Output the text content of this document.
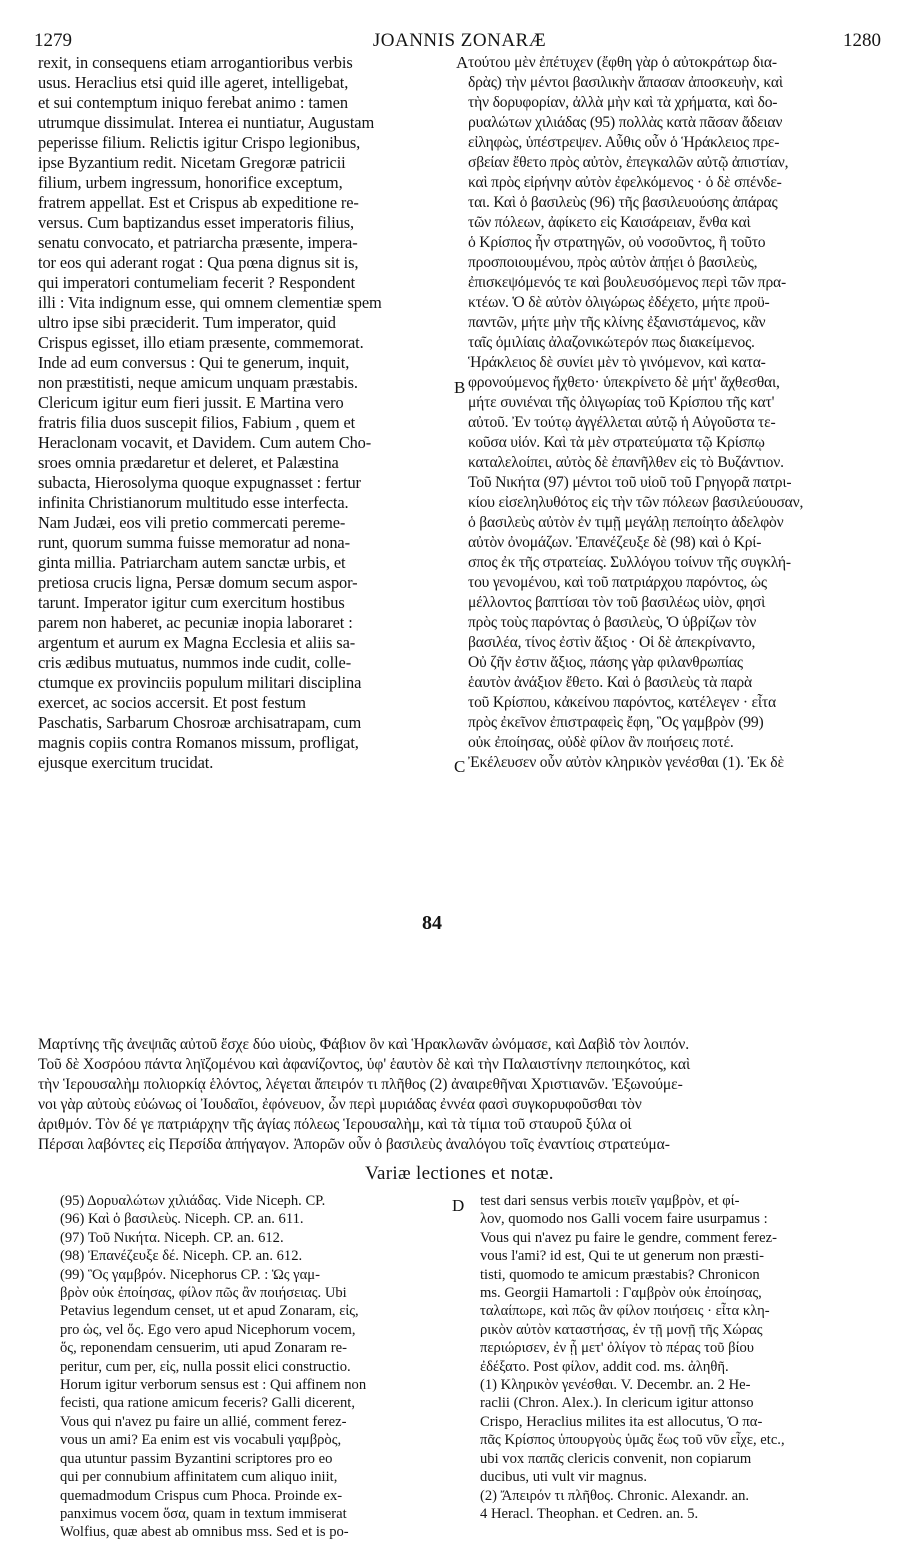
1279	JOANNIS ZONARÆ	1280
rexit, in consequens etiam arrogantioribus verbis
usus. Heraclius etsi quid ille ageret, intelligebat,
et sui contemptum iniquo ferebat animo : tamen
utrumque dissimulat. Interea ei nuntiatur, Augustam
peperisse filium. Relictis igitur Crispo legionibus,
ipse Byzantium redit. Nicetam Gregoræ patricii
filium, urbem ingressum, honorifice exceptum,
fratrem appellat. Est et Crispus ab expeditione re-
versus. Cum baptizandus esset imperatoris filius,
senatu convocato, et patriarcha præsente, impera-
tor eos qui aderant rogat : Qua pœna dignus sit is,
qui imperatori contumeliam fecerit ? Respondent
illi : Vita indignum esse, qui omnem clementiæ spem
ultro ipse sibi præciderit. Tum imperator, quid
Crispus egisset, illo etiam præsente, commemorat.
Inde ad eum conversus : Qui te generum, inquit,
non præstitisti, neque amicum unquam præstabis.
Clericum igitur eum fieri jussit. E Martina vero
fratris filia duos suscepit filios, Fabium , quem et
Heraclonam vocavit, et Davidem. Cum autem Cho-
sroes omnia prædaretur et deleret, et Palæstina
subacta, Hierosolyma quoque expugnasset : fertur
infinita Christianorum multitudo esse interfecta.
Nam Judæi, eos vili pretio commercati peremе-
runt, quorum summa fuisse memoratur ad nona-
ginta millia. Patriarcham autem sanctæ urbis, et
pretiosa crucis ligna, Persæ domum secum aspor-
tarunt. Imperator igitur cum exercitum hostibus
parem non haberet, ac pecuniæ inopia laboraret :
argentum et aurum ex Magna Ecclesia et aliis sa-
cris ædibus mutuatus, nummos inde cudit, colle-
ctumque ex provinciis populum militari disciplina
exercet, ac socios accersit. Et post festum
Paschatis, Sarbarum Chosroæ archisatrapam, cum
magnis copiis contra Romanos missum, profligat,
ejusque exercitum trucidat.
τούτου μὲν ἐπέτυχεν (ἔφθη γὰρ ὁ αὐτοκράτωρ δια-
δρὰς) τὴν μέντοι βασιλικὴν ἅπασαν ἀποσκευὴν, καὶ
τὴν δορυφορίαν, ἀλλὰ μὴν καὶ τὰ χρήματα, καὶ δο-
ρυαλώτων χιλιάδας (95) πολλὰς κατὰ πᾶσαν ἄδειαν
εἰληφὼς, ὑπέστρεψεν. Αὖθις οὖν ὁ Ἡράκλειος πρε-
σβείαν ἔθετο πρὸς αὐτὸν, ἐπεγκαλῶν αὐτῷ ἀπιστίαν,
καὶ πρὸς εἰρήνην αὐτὸν ἐφελκόμενος · ὁ δὲ σπένδε-
ται. Καὶ ὁ βασιλεὺς (96) τῆς βασιλευούσης ἀπάρας
τῶν πόλεων, ἀφίκετο εἰς Καισάρειαν, ἔνθα καὶ
ὁ Κρίσπος ἦν στρατηγῶν, οὐ νοσοῦντος, ἢ τοῦτο
προσποιουμένου, πρὸς αὐτὸν ἀπῄει ὁ βασιλεὺς,
ἐπισκεψόμενός τε καὶ βουλευσόμενος περὶ τῶν πρα-
κτέων. Ὁ δὲ αὐτὸν ὀλιγώρως ἐδέχετο, μήτε προϋ-
παντῶν, μήτε μὴν τῆς κλίνης ἐξανιστάμενος, κἂν
ταῖς ὁμιλίαις ἀλαζονικώτερόν πως διακείμενος.
Ἡράκλειος δὲ συνίει μὲν τὸ γινόμενον, καὶ κατα-
φρονούμενος ἤχθετο· ὑπεκρίνετο δὲ μήτ' ἄχθεσθαι,
μήτε συνιέναι τῆς ὀλιγωρίας τοῦ Κρίσπου τῆς κατ'
αὐτοῦ. Ἐν τούτῳ ἀγγέλλεται αὐτῷ ἡ Αὐγοῦστα τε-
κοῦσα υἱόν. Καὶ τὰ μὲν στρατεύματα τῷ Κρίσπῳ
καταλελοίπει, αὐτὸς δὲ ἐπανῆλθεν εἰς τὸ Βυζάντιον.
Τοῦ Νικήτα (97) μέντοι τοῦ υἱοῦ τοῦ Γρηγορᾶ πατρι-
κίου εἰσεληλυθότος εἰς τὴν τῶν πόλεων βασιλεύουσαν,
ὁ βασιλεὺς αὐτὸν ἐν τιμῇ μεγάλῃ πεποίητο ἀδελφὸν
αὐτὸν ὀνομάζων. Ἐπανέζευξε δὲ (98) καὶ ὁ Κρί-
σπος ἐκ τῆς στρατείας. Συλλόγου τοίνυν τῆς συγκλή-
του γενομένου, καὶ τοῦ πατριάρχου παρόντος, ὡς
μέλλοντος βαπτίσαι τὸν τοῦ βασιλέως υἱὸν, φησὶ
πρὸς τοὺς παρόντας ὁ βασιλεὺς, Ὁ ὑβρίζων τὸν
βασιλέα, τίνος ἐστὶν ἄξιος · Οἱ δὲ ἀπεκρίναντο,
Οὐ ζῆν ἐστιν ἄξιος, πάσης γὰρ φιλανθρωπίας
ἑαυτὸν ἀνάξιον ἔθετο. Καὶ ὁ βασιλεὺς τὰ παρὰ
τοῦ Κρίσπου, κἀκείνου παρόντος, κατέλεγεν · εἶτα
πρὸς ἐκεῖνον ἐπιστραφεὶς ἔφη, Ὃς γαμβρὸν (99)
οὐκ ἐποίησας, οὐδὲ φίλον ἂν ποιήσεις ποτέ.
Ἐκέλευσεν οὖν αὐτὸν κληρικὸν γενέσθαι (1). Ἐκ δὲ
Μαρτίνης τῆς ἀνεψιᾶς αὐτοῦ ἔσχε δύο υἱοὺς, Φάβιον ὃν καὶ Ἡρακλωνᾶν ὠνόμασε, καὶ Δαβὶδ τὸν λοιπόν.
Τοῦ δὲ Χοσρόου πάντα ληϊζομένου καὶ ἀφανίζοντος, ὑφ' ἑαυτὸν δὲ καὶ τὴν Παλαιστίνην πεποιηκότος, καὶ
τὴν Ἱερουσαλὴμ πολιορκίᾳ ἑλόντος, λέγεται ἄπειρόν τι πλῆθος (2) ἀναιρεθῆναι Χριστιανῶν. Ἐξωνούμε-
νοι γὰρ αὐτοὺς εὐώνως οἱ Ἰουδαῖοι, ἐφόνευον, ὧν περὶ μυριάδας ἐννέα φασὶ συγκορυφοῦσθαι τὸν
ἀριθμόν. Τὸν δέ γε πατριάρχην τῆς ἁγίας πόλεως Ἱερουσαλὴμ, καὶ τὰ τίμια τοῦ σταυροῦ ξύλα οἱ
Πέρσαι λαβόντες εἰς Περσίδα ἀπήγαγον. Ἀπορῶν οὖν ὁ βασιλεὺς ἀναλόγου τοῖς ἐναντίοις στρατεύμα-
A
B
C
D
84
Variæ lectiones et notæ.
(95) Δορυαλώτων χιλιάδας. Vide Niceph. CP.
(96) Καὶ ὁ βασιλεὺς. Niceph. CP. an. 611.
(97) Τοῦ Νικήτα. Niceph. CP. an. 612.
(98) Ἐπανέζευξε δέ. Niceph. CP. an. 612.
(99) Ὃς γαμβρόν. Nicephorus CP. : Ὡς γαμ-
βρὸν οὐκ ἐποίησας, φίλον πῶς ἂν ποιήσειας. Ubi
Petavius legendum censet, ut et apud Zonaram, εἰς,
pro ὡς, vel ὅς. Ego vero apud Nicephorum vocem,
ὅς, reponendam censuerim, uti apud Zonaram re-
peritur, cum per, εἰς, nulla possit elici constructio.
Horum igitur verborum sensus est : Qui affinem non
fecisti, qua ratione amicum feceris? Galli dicerent,
Vous qui n'avez pu faire un allié, comment ferez-
vous un ami? Ea enim est vis vocabuli γαμβρὸς,
qua utuntur passim Byzantini scriptores pro eo
qui per connubium affinitatem cum aliquo iniit,
quemadmodum Crispus cum Phoca. Proinde ex-
panximus vocem ὅσα, quam in textum immiserat
Wolfius, quæ abest ab omnibus mss. Sed et is po-
test dari sensus verbis ποιεῖν γαμβρὸν, et φί-
λον, quomodo nos Galli vocem faire usurpamus :
Vous qui n'avez pu faire le gendre, comment ferez-
vous l'ami? id est, Qui te ut generum non præsti-
tisti, quomodo te amicum præstabis? Chronicon
ms. Georgii Hamartoli : Γαμβρὸν οὐκ ἐποίησας,
ταλαίπωρε, καὶ πῶς ἂν φίλον ποιήσεις · εἶτα κλη-
ρικὸν αὐτὸν καταστήσας, ἐν τῇ μονῇ τῆς Χώρας
περιώρισεν, ἐν ᾗ μετ' ὀλίγον τὸ πέρας τοῦ βίου
ἐδέξατο. Post φίλον, addit cod. ms. ἀληθῆ.
(1) Κληρικὸν γενέσθαι. V. Decembr. an. 2 He-
raclii (Chron. Alex.). In clericum igitur attonso
Crispo, Heraclius milites ita est allocutus, Ὁ πα-
πᾶς Κρίσπος ὑπουργοὺς ὑμᾶς ἕως τοῦ νῦν εἶχε, etc.,
ubi vox παπᾶς clericis convenit, non copiarum
ducibus, uti vult vir magnus.
(2) Ἄπειρόν τι πλῆθος. Chronic. Alexandr. an.
4 Heracl. Theophan. et Cedren. an. 5.
